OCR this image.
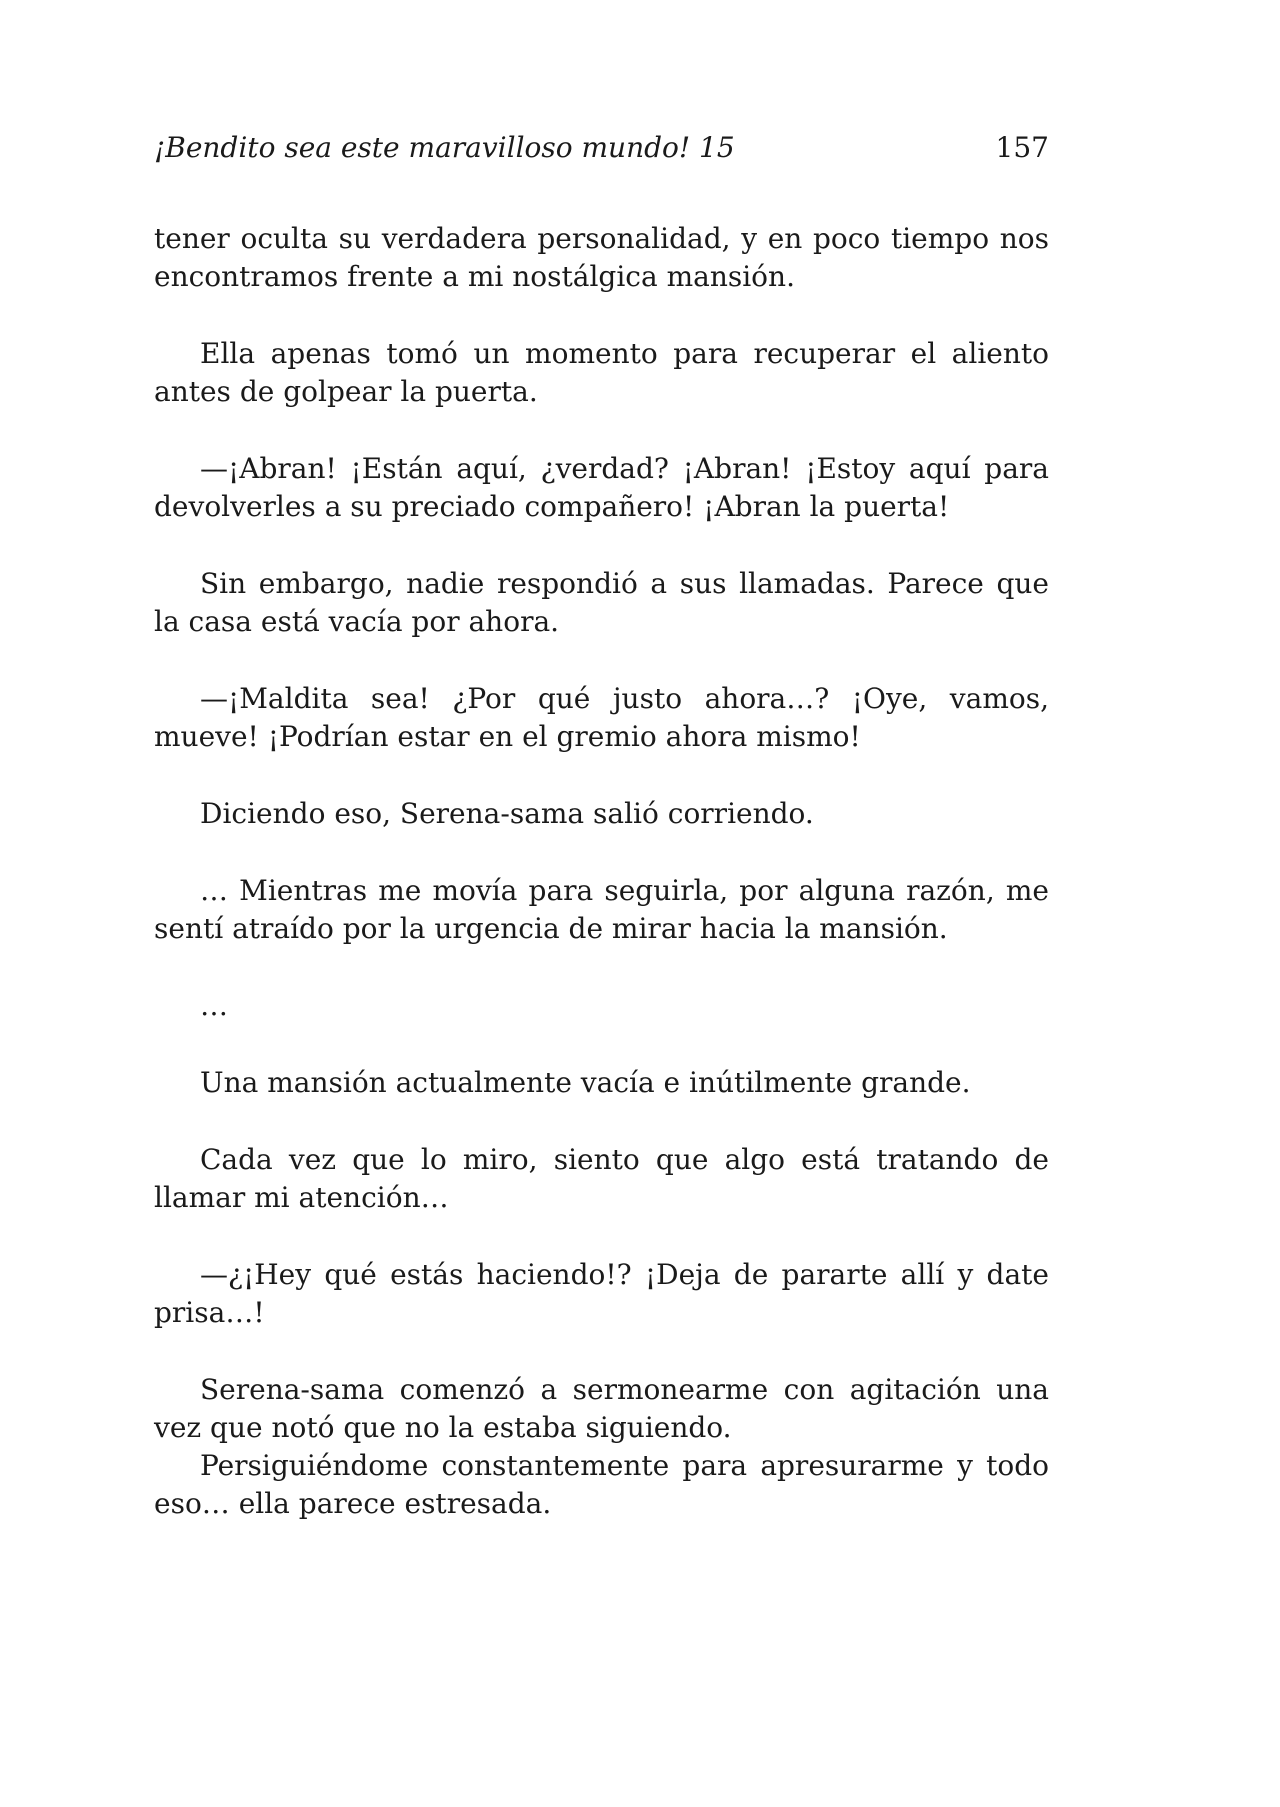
¡Bendito sea este maravilloso mundo! 15	157

tener oculta su verdadera personalidad, y en poco tiempo nos encontramos frente a mi nostálgica mansión.

Ella apenas tomó un momento para recuperar el aliento antes de golpear la puerta.

—¡Abran! ¡Están aquí, ¿verdad? ¡Abran! ¡Estoy aquí para devolverles a su preciado compañero! ¡Abran la puerta!

Sin embargo, nadie respondió a sus llamadas. Parece que la casa está vacía por ahora.

—¡Maldita sea! ¿Por qué justo ahora…? ¡Oye, vamos, mueve! ¡Podrían estar en el gremio ahora mismo!

Diciendo eso, Serena-sama salió corriendo.

… Mientras me movía para seguirla, por alguna razón, me sentí atraído por la urgencia de mirar hacia la mansión.

…

Una mansión actualmente vacía e inútilmente grande.

Cada vez que lo miro, siento que algo está tratando de llamar mi atención…

—¿¡Hey qué estás haciendo!? ¡Deja de pararte allí y date prisa…!

Serena-sama comenzó a sermonearme con agitación una vez que notó que no la estaba siguiendo.

Persiguiéndome constantemente para apresurarme y todo eso… ella parece estresada.
